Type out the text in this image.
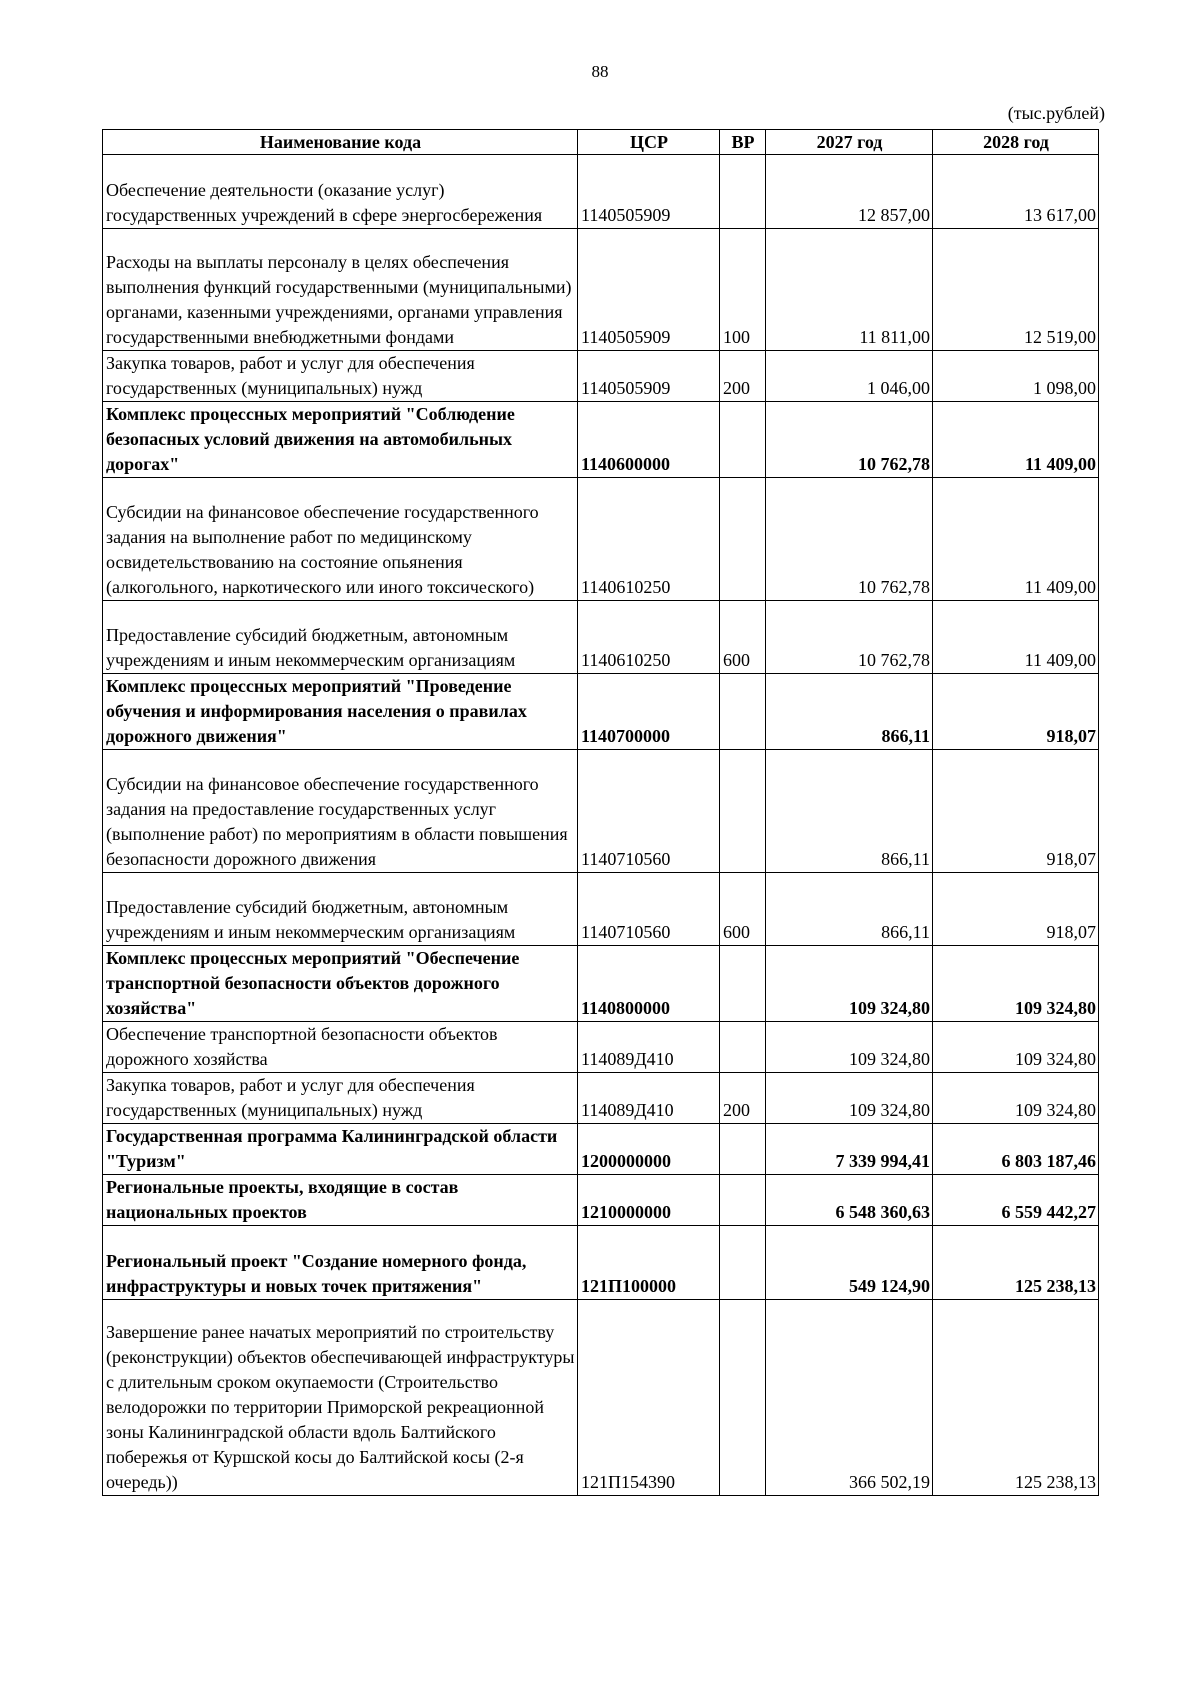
88
(тыс.рублей)
Наименование кода	ЦСР	ВР	2027 год	2028 год
Обеспечение деятельности (оказание услуг) государственных учреждений в сфере энергосбережения	1140505909		12 857,00	13 617,00
Расходы на выплаты персоналу в целях обеспечения выполнения функций государственными (муниципальными) органами, казенными учреждениями, органами управления государственными внебюджетными фондами	1140505909	100	11 811,00	12 519,00
Закупка товаров, работ и услуг для обеспечения государственных (муниципальных) нужд	1140505909	200	1 046,00	1 098,00
Комплекс процессных мероприятий "Соблюдение безопасных условий движения на автомобильных дорогах"	1140600000		10 762,78	11 409,00
Субсидии на финансовое обеспечение государственного задания на выполнение работ по медицинскому освидетельствованию на состояние опьянения (алкогольного, наркотического или иного токсического)	1140610250		10 762,78	11 409,00
Предоставление субсидий бюджетным, автономным учреждениям и иным некоммерческим организациям	1140610250	600	10 762,78	11 409,00
Комплекс процессных мероприятий "Проведение обучения и информирования населения о правилах дорожного движения"	1140700000		866,11	918,07
Субсидии на финансовое обеспечение государственного задания на предоставление государственных услуг (выполнение работ) по мероприятиям в области повышения безопасности дорожного движения	1140710560		866,11	918,07
Предоставление субсидий бюджетным, автономным учреждениям и иным некоммерческим организациям	1140710560	600	866,11	918,07
Комплекс процессных мероприятий "Обеспечение транспортной безопасности объектов дорожного хозяйства"	1140800000		109 324,80	109 324,80
Обеспечение транспортной безопасности объектов дорожного хозяйства	114089Д410		109 324,80	109 324,80
Закупка товаров, работ и услуг для обеспечения государственных (муниципальных) нужд	114089Д410	200	109 324,80	109 324,80
Государственная программа Калининградской области "Туризм"	1200000000		7 339 994,41	6 803 187,46
Региональные проекты, входящие в состав национальных проектов	1210000000		6 548 360,63	6 559 442,27
Региональный проект "Создание номерного фонда, инфраструктуры и новых точек притяжения"	121П100000		549 124,90	125 238,13
Завершение ранее начатых мероприятий по строительству (реконструкции) объектов обеспечивающей инфраструктуры с длительным сроком окупаемости (Строительство велодорожки по территории Приморской рекреационной зоны Калининградской области вдоль Балтийского побережья от Куршской косы до Балтийской косы (2-я очередь))	121П154390		366 502,19	125 238,13
